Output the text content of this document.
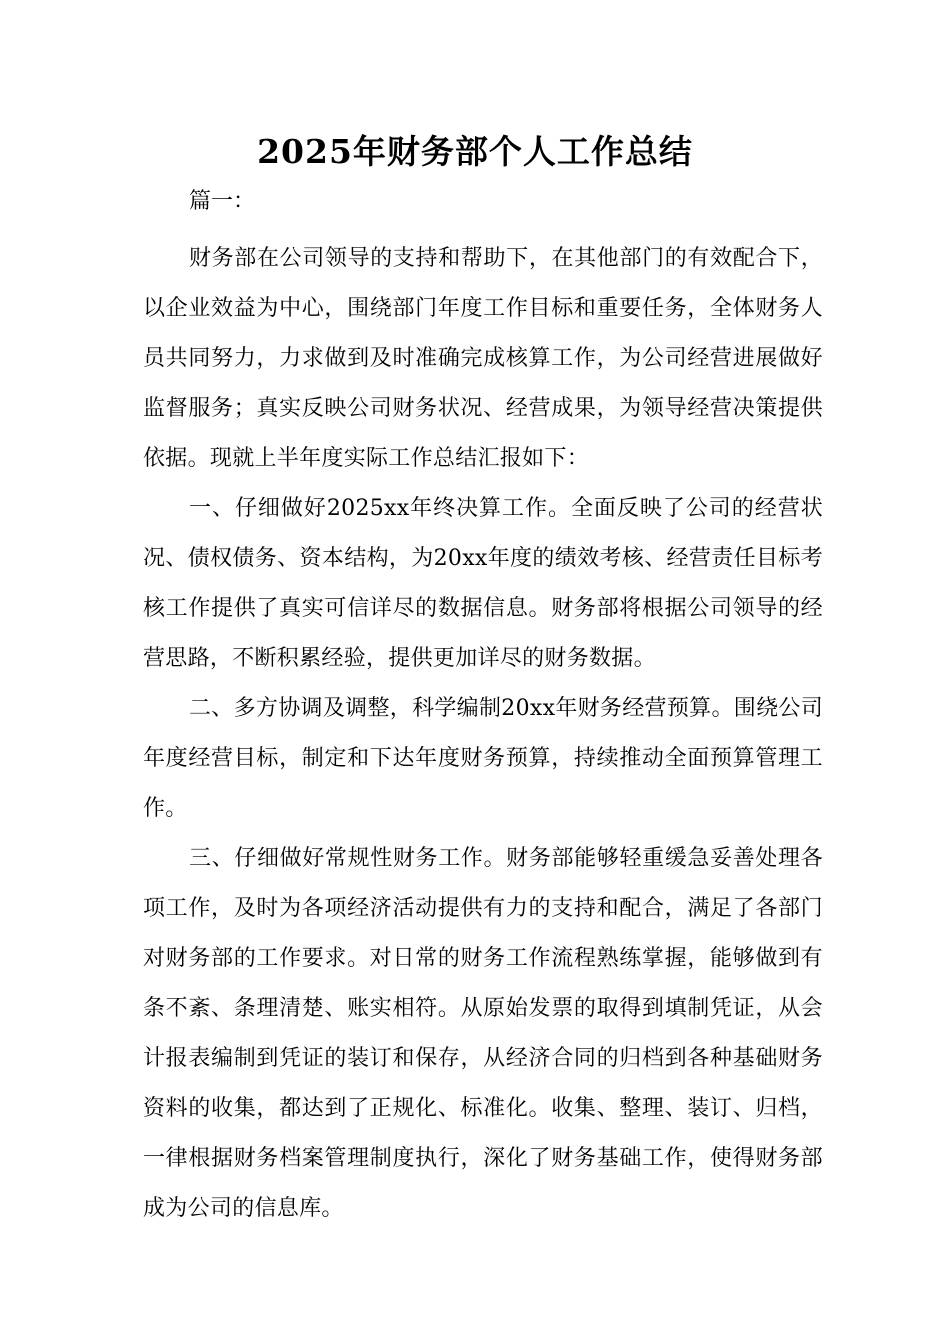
2025年财务部个人工作总结

篇一：

财务部在公司领导的支持和帮助下，在其他部门的有效配合下，以企业效益为中心，围绕部门年度工作目标和重要任务，全体财务人员共同努力，力求做到及时准确完成核算工作，为公司经营进展做好监督服务；真实反映公司财务状况、经营成果，为领导经营决策提供依据。现就上半年度实际工作总结汇报如下：

一、仔细做好2025xx年终决算工作。全面反映了公司的经营状况、债权债务、资本结构，为20xx年度的绩效考核、经营责任目标考核工作提供了真实可信详尽的数据信息。财务部将根据公司领导的经营思路，不断积累经验，提供更加详尽的财务数据。

二、多方协调及调整，科学编制20xx年财务经营预算。围绕公司年度经营目标，制定和下达年度财务预算，持续推动全面预算管理工作。

三、仔细做好常规性财务工作。财务部能够轻重缓急妥善处理各项工作，及时为各项经济活动提供有力的支持和配合，满足了各部门对财务部的工作要求。对日常的财务工作流程熟练掌握，能够做到有条不紊、条理清楚、账实相符。从原始发票的取得到填制凭证，从会计报表编制到凭证的装订和保存，从经济合同的归档到各种基础财务资料的收集，都达到了正规化、标准化。收集、整理、装订、归档，一律根据财务档案管理制度执行，深化了财务基础工作，使得财务部成为公司的信息库。
